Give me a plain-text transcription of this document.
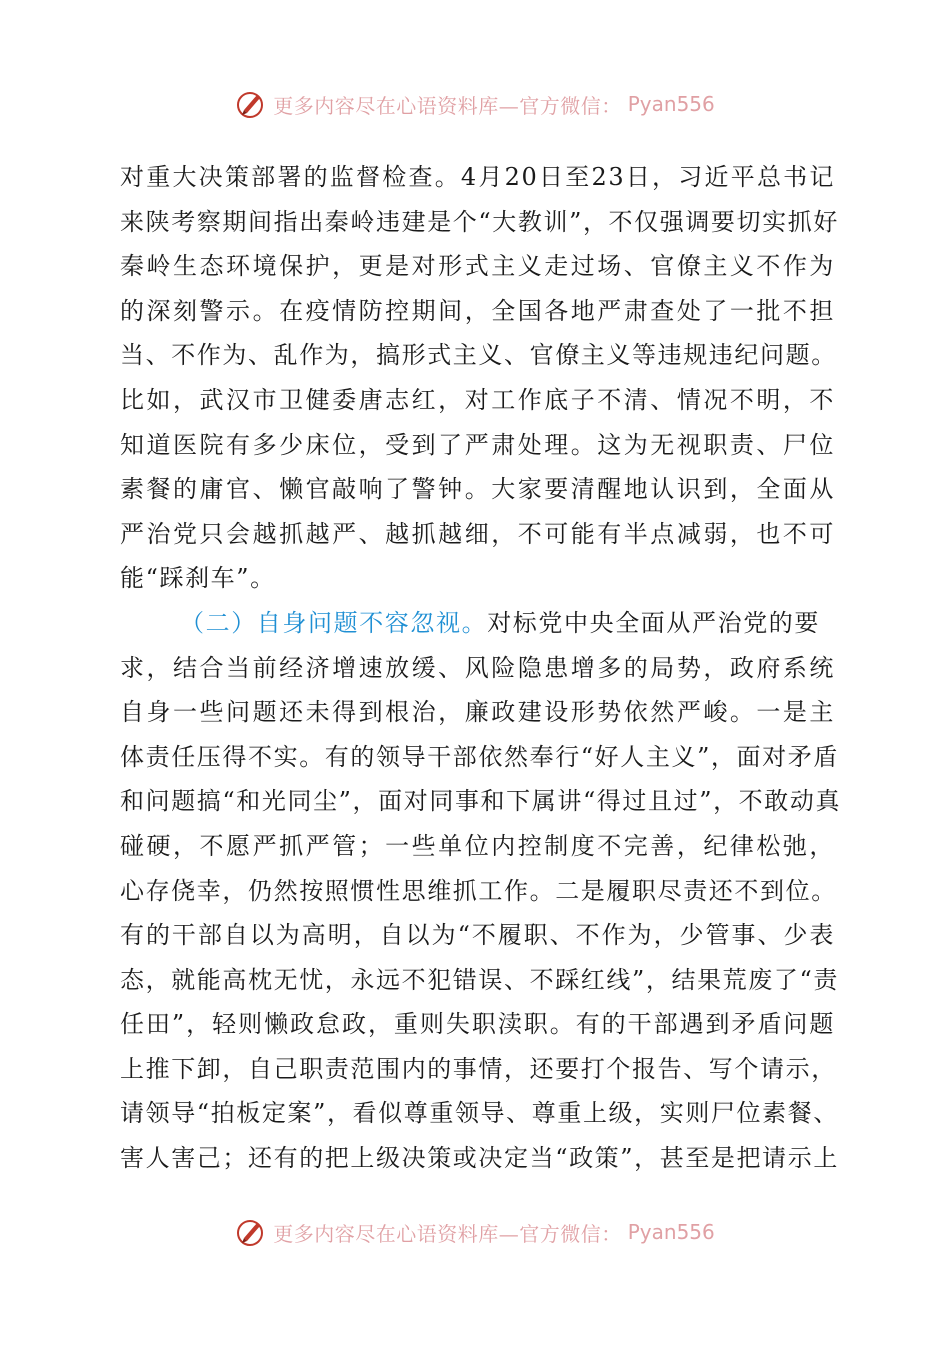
更多内容尽在心语资料库—官方微信： Pyan556
对重大决策部署的监督检查。4月20日至23日，习近平总书记
来陕考察期间指出秦岭违建是个“大教训”，不仅强调要切实抓好
秦岭生态环境保护，更是对形式主义走过场、官僚主义不作为
的深刻警示。在疫情防控期间，全国各地严肃查处了一批不担
当、不作为、乱作为，搞形式主义、官僚主义等违规违纪问题。
比如，武汉市卫健委唐志红，对工作底子不清、情况不明，不
知道医院有多少床位，受到了严肃处理。这为无视职责、尸位
素餐的庸官、懒官敲响了警钟。大家要清醒地认识到，全面从
严治党只会越抓越严、越抓越细，不可能有半点减弱，也不可
能“踩刹车”。
（二）自身问题不容忽视。对标党中央全面从严治党的要
求，结合当前经济增速放缓、风险隐患增多的局势，政府系统
自身一些问题还未得到根治，廉政建设形势依然严峻。一是主
体责任压得不实。有的领导干部依然奉行“好人主义”，面对矛盾
和问题搞“和光同尘”，面对同事和下属讲“得过且过”，不敢动真
碰硬，不愿严抓严管；一些单位内控制度不完善，纪律松弛，
心存侥幸，仍然按照惯性思维抓工作。二是履职尽责还不到位。
有的干部自以为高明，自以为“不履职、不作为，少管事、少表
态，就能高枕无忧，永远不犯错误、不踩红线”，结果荒废了“责
任田”，轻则懒政怠政，重则失职渎职。有的干部遇到矛盾问题
上推下卸，自己职责范围内的事情，还要打个报告、写个请示，
请领导“拍板定案”，看似尊重领导、尊重上级，实则尸位素餐、
害人害己；还有的把上级决策或决定当“政策”，甚至是把请示上
更多内容尽在心语资料库—官方微信： Pyan556
